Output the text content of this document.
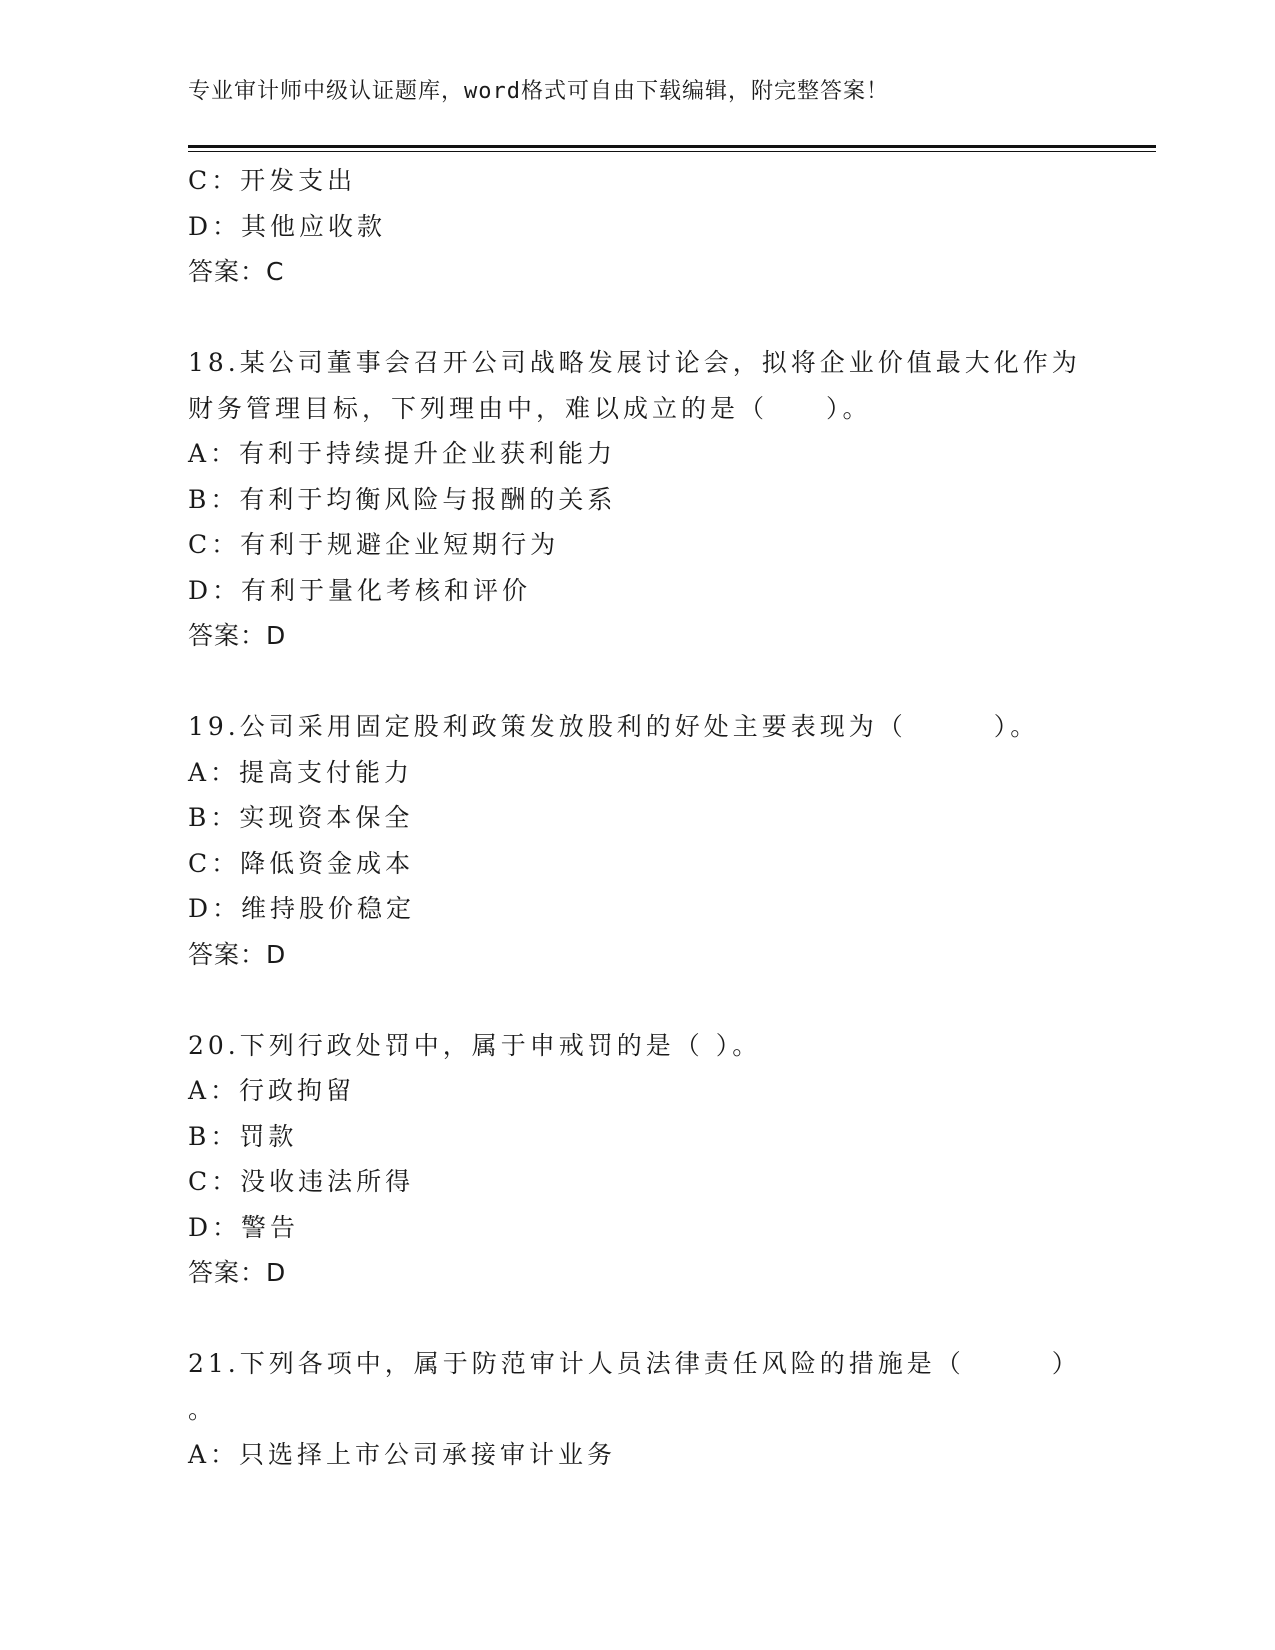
专业审计师中级认证题库，word格式可自由下载编辑，附完整答案！
C：开发支出
D：其他应收款
答案：C
18.某公司董事会召开公司战略发展讨论会，拟将企业价值最大化作为
财务管理目标，下列理由中，难以成立的是（　　）。
A：有利于持续提升企业获利能力
B：有利于均衡风险与报酬的关系
C：有利于规避企业短期行为
D：有利于量化考核和评价
答案：D
19.公司采用固定股利政策发放股利的好处主要表现为（　　　）。
A：提高支付能力
B：实现资本保全
C：降低资金成本
D：维持股价稳定
答案：D
20.下列行政处罚中，属于申戒罚的是（ ）。
A：行政拘留
B：罚款
C：没收违法所得
D：警告
答案：D
21.下列各项中，属于防范审计人员法律责任风险的措施是（　　　）
。
A：只选择上市公司承接审计业务
